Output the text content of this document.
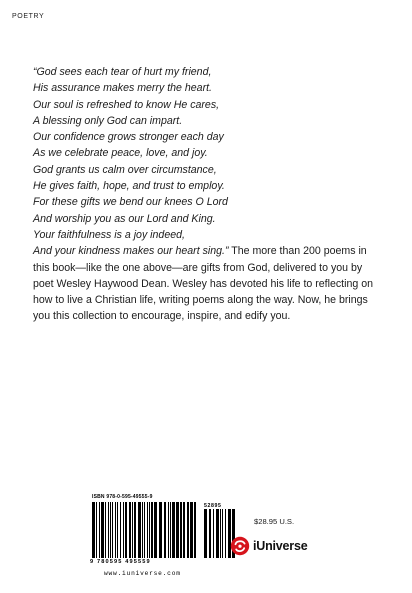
POETRY
“God sees each tear of hurt my friend,
His assurance makes merry the heart.
Our soul is refreshed to know He cares,
A blessing only God can impart.
Our confidence grows stronger each day
As we celebrate peace, love, and joy.
God grants us calm over circumstance,
He gives faith, hope, and trust to employ.
For these gifts we bend our knees O Lord
And worship you as our Lord and King.
Your faithfulness is a joy indeed,
And your kindness makes our heart sing.” The more than 200 poems in this book—like the one above—are gifts from God, delivered to you by poet Wesley Haywood Dean. Wesley has devoted his life to reflecting on how to live a Christian life, writing poems along the way. Now, he brings you this collection to encourage, inspire, and edify you.
ISBN 978-0-595-49555-9
52895
9 780595 495559
www.iuniverse.com
$28.95 U.S.
iUniverse
